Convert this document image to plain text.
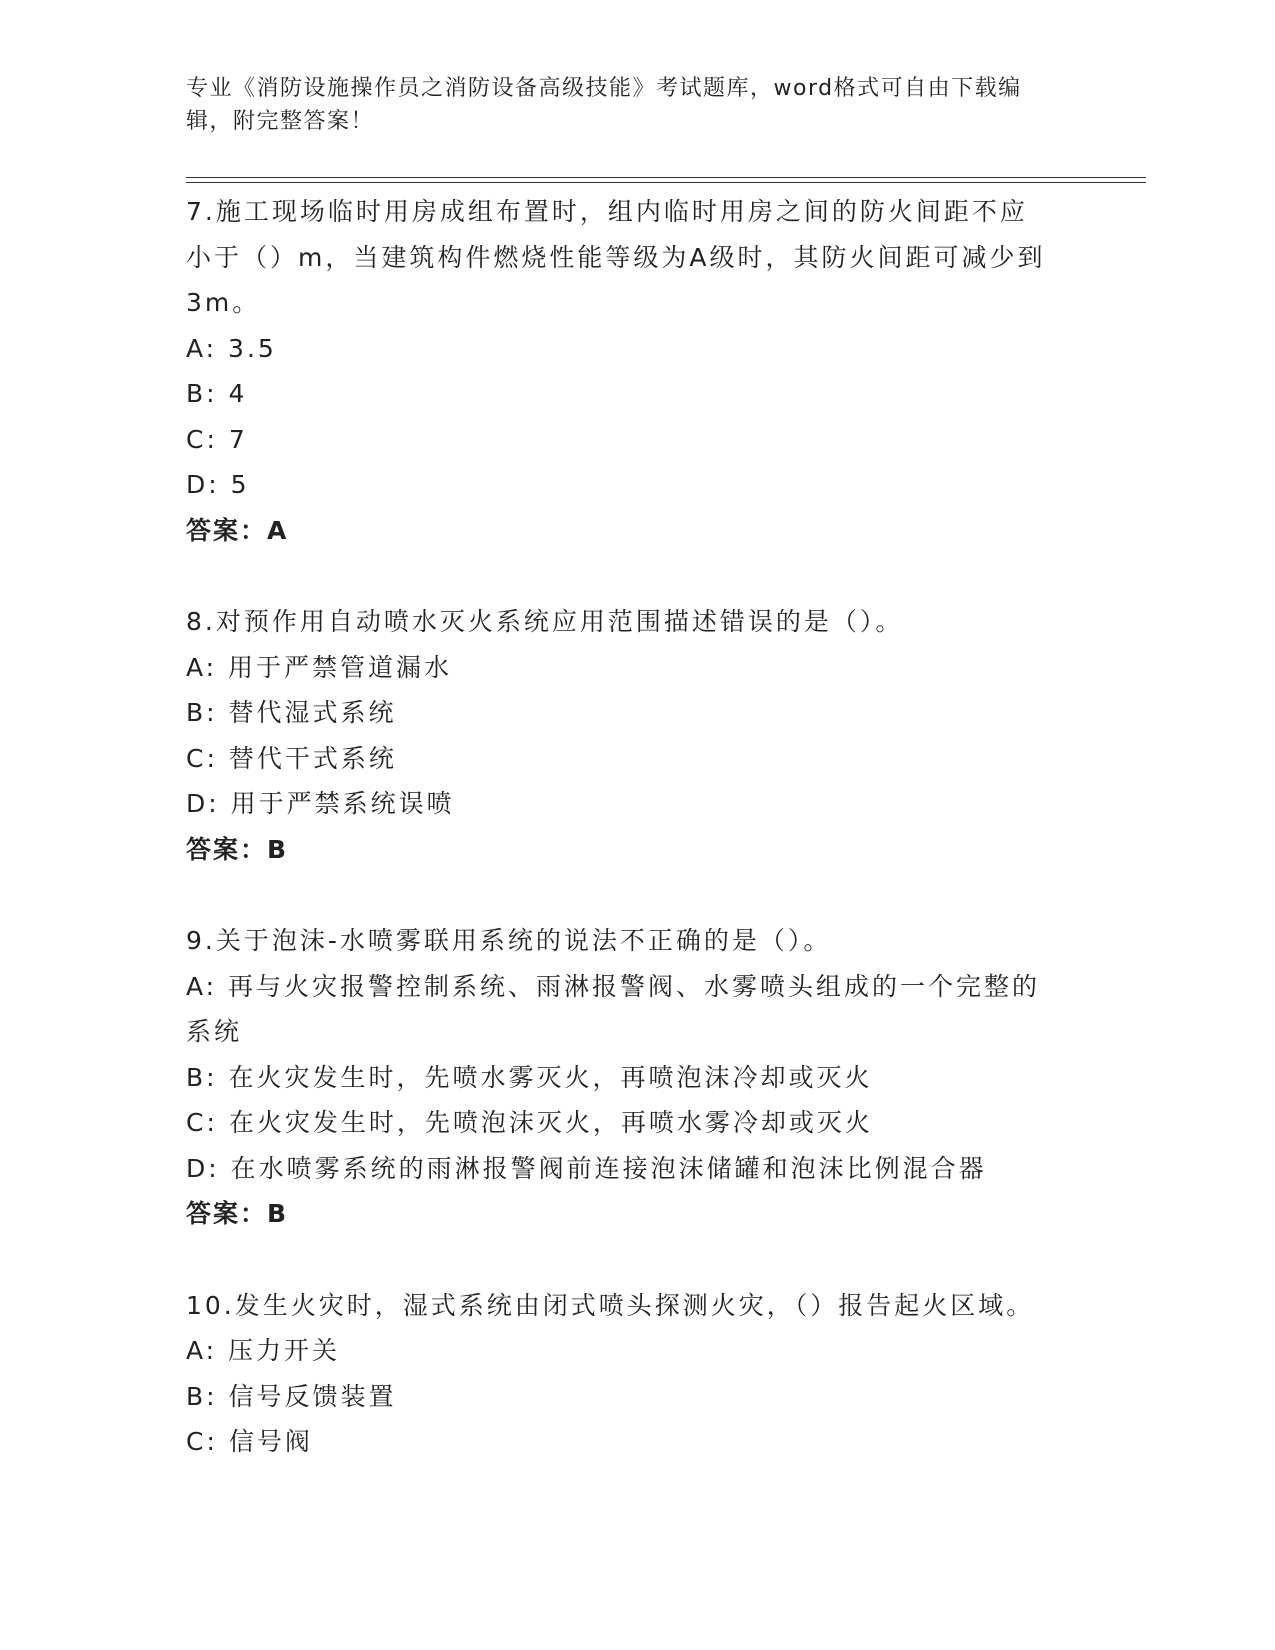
专业《消防设施操作员之消防设备高级技能》考试题库，word格式可自由下载编
辑，附完整答案！
7.施工现场临时用房成组布置时，组内临时用房之间的防火间距不应
小于（）m，当建筑构件燃烧性能等级为A级时，其防火间距可减少到
3m。
A: 3.5
B: 4
C: 7
D: 5
答案：A
8.对预作用自动喷水灭火系统应用范围描述错误的是（）。
A: 用于严禁管道漏水
B: 替代湿式系统
C: 替代干式系统
D: 用于严禁系统误喷
答案：B
9.关于泡沫-水喷雾联用系统的说法不正确的是（）。
A: 再与火灾报警控制系统、雨淋报警阀、水雾喷头组成的一个完整的
系统
B: 在火灾发生时，先喷水雾灭火，再喷泡沫冷却或灭火
C: 在火灾发生时，先喷泡沫灭火，再喷水雾冷却或灭火
D: 在水喷雾系统的雨淋报警阀前连接泡沫储罐和泡沫比例混合器
答案：B
10.发生火灾时，湿式系统由闭式喷头探测火灾，（）报告起火区域。
A: 压力开关
B: 信号反馈装置
C: 信号阀
